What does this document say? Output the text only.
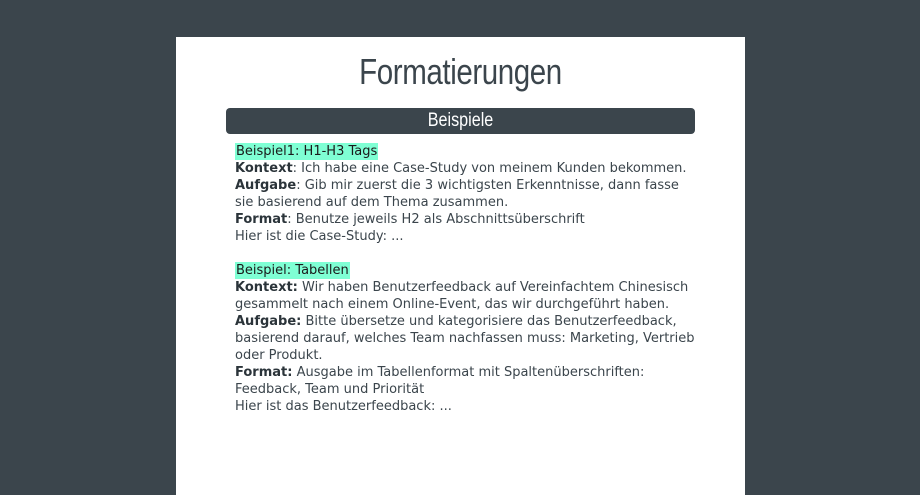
Formatierungen
Beispiele
Beispiel1: H1-H3 Tags
Kontext: Ich habe eine Case-Study von meinem Kunden bekommen.
Aufgabe: Gib mir zuerst die 3 wichtigsten Erkenntnisse, dann fasse sie basierend auf dem Thema zusammen.
Format: Benutze jeweils H2 als Abschnittsüberschrift
Hier ist die Case-Study: ...
Beispiel: Tabellen
Kontext: Wir haben Benutzerfeedback auf Vereinfachtem Chinesisch gesammelt nach einem Online-Event, das wir durchgeführt haben.
Aufgabe: Bitte übersetze und kategorisiere das Benutzerfeedback, basierend darauf, welches Team nachfassen muss: Marketing, Vertrieb oder Produkt.
Format: Ausgabe im Tabellenformat mit Spaltenüberschriften: Feedback, Team und Priorität
Hier ist das Benutzerfeedback: ...
